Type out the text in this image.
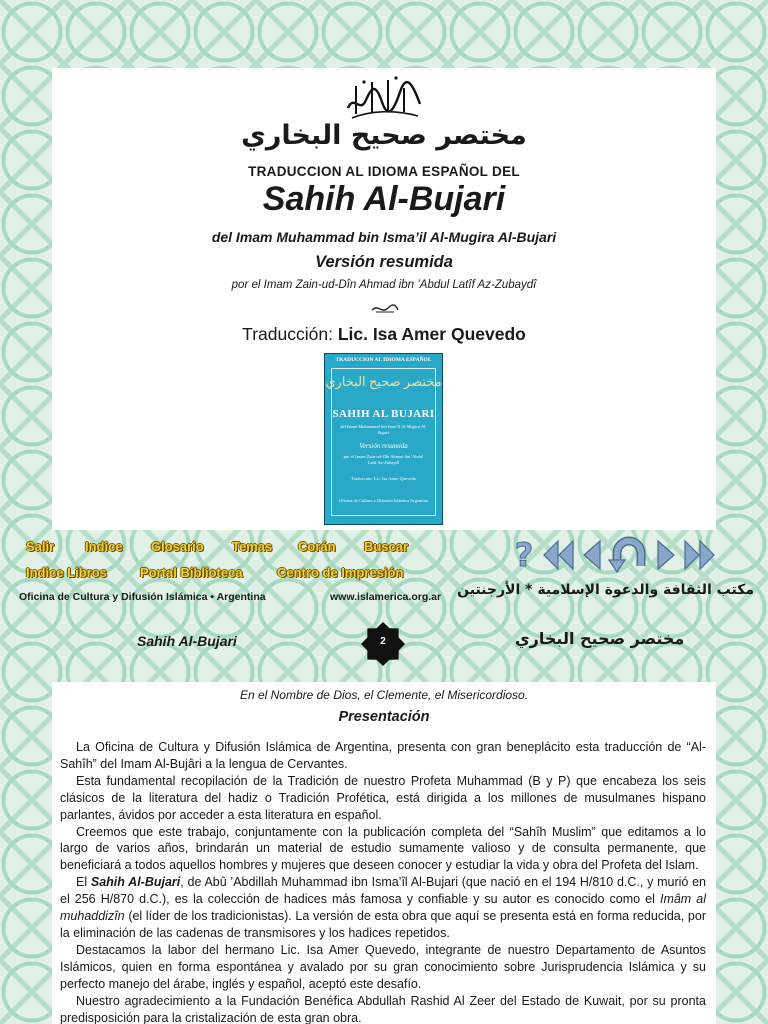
مختصر صحيح البخاري
TRADUCCION AL IDIOMA ESPAÑOL DEL
Sahih Al-Bujari
del Imam Muhammad bin Isma’il Al-Mugira Al-Bujari
Versión resumida
por el Imam Zain-ud-Dîn Ahmad ibn ’Abdul Latîf Az-Zubaydî
Traducción: Lic. Isa Amer Quevedo
TRADUCCION AL IDIOMA ESPAÑOL
مختصر صحيح البخاري
SAHIH AL BUJARI
del Imam Muhammad bin Isma'il Al-Mugira Al-Bujari
Versión resumida
por el Imam Zain-ud-Dîn Ahmad ibn 'Abdul Latîf Az-Zubaydî
Traducción: Lic. Isa Amer Quevedo
Oficina de Cultura y Difusión Islámica Argentina
Salir Indice Glosario Temas Corán Buscar
Indice Libros	Portal Biblioteca	Centro de Impresión	?
Oficina de Cultura y Difusión Islámica • Argentina	www.islamerica.org.ar مكتب الثقافة والدعوة الإسلامية * الأرجنتين
Sahih Al-Bujari	2	مختصر صحيح البخاري
En el Nombre de Dios, el Clemente, el Misericordioso.
Presentación

La Oficina de Cultura y Difusión Islámica de Argentina, presenta con gran beneplácito esta traducción de “Al-Sahîh” del Imam Al-Bujâri a la lengua de Cervantes.

Esta fundamental recopilación de la Tradición de nuestro Profeta Muhammad (B y P) que encabeza los seis clásicos de la literatura del hadiz o Tradición Profética, está dirigida a los millones de musulmanes hispano parlantes, ávidos por acceder a esta literatura en español.

Creemos que este trabajo, conjuntamente con la publicación completa del “Sahîh Muslim” que editamos a lo largo de varios años, brindarán un material de estudio sumamente valioso y de consulta permanente, que beneficiará a todos aquellos hombres y mujeres que deseen conocer y estudiar la vida y obra del Profeta del Islam.

El Sahih Al-Bujari, de Abû ’Abdillah Muhammad ibn Isma’îl Al-Bujari (que nació en el 194 H/810 d.C., y murió en el 256 H/870 d.C.), es la colección de hadices más famosa y confiable y su autor es conocido como el Imâm al muhaddizîn (el líder de los tradicionistas). La versión de esta obra que aquí se presenta está en forma reducida, por la eliminación de las cadenas de transmisores y los hadices repetidos.

Destacamos la labor del hermano Lic. Isa Amer Quevedo, integrante de nuestro Departamento de Asuntos Islámicos, quien en forma espontánea y avalado por su gran conocimiento sobre Jurisprudencia Islámica y su perfecto manejo del árabe, inglés y español, aceptó este desafío.

Nuestro agradecimiento a la Fundación Benéfica Abdullah Rashid Al Zeer del Estado de Kuwait, por su pronta predisposición para la cristalización de esta gran obra.
